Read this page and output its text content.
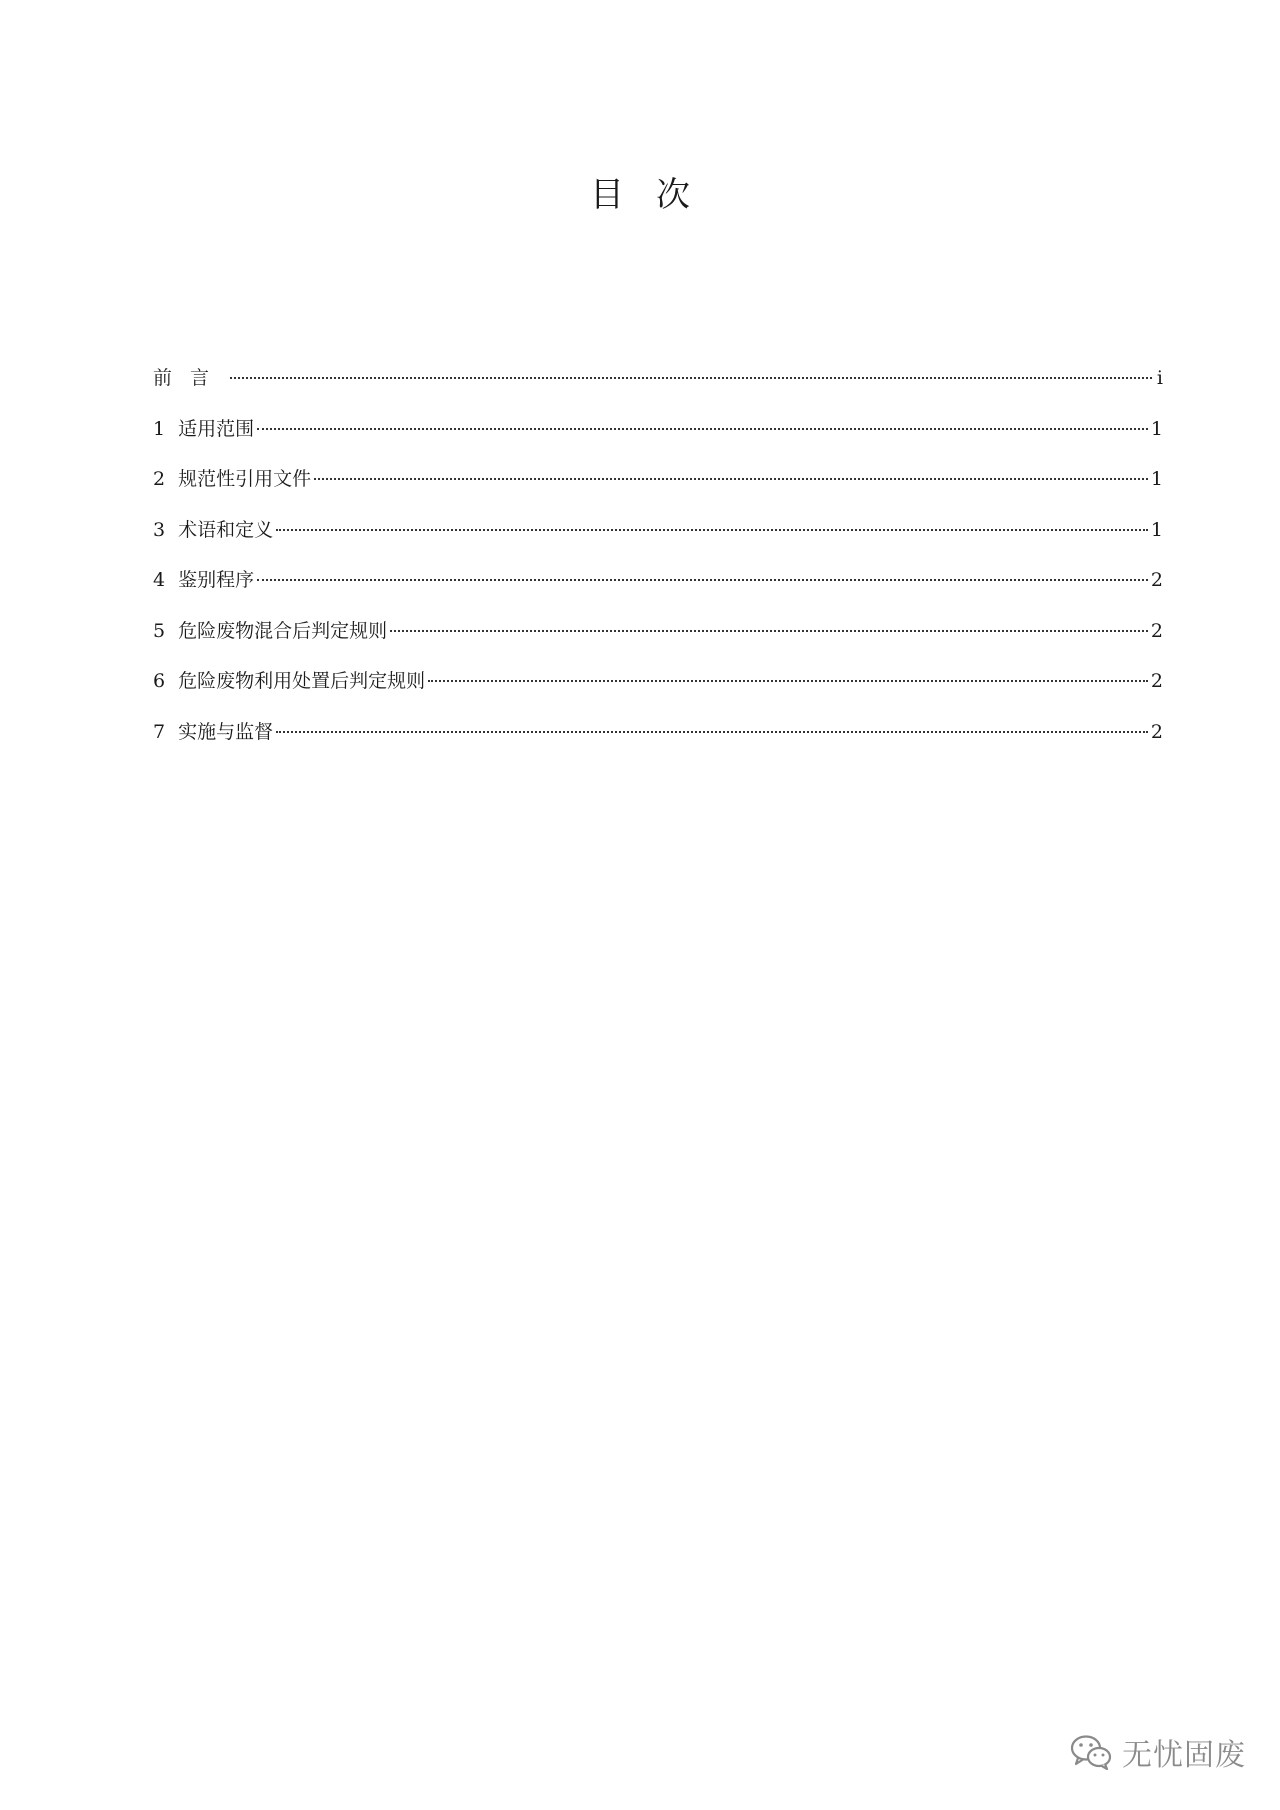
目次
前言	i
1 适用范围	1
2 规范性引用文件	1
3 术语和定义	1
4 鉴别程序	2
5 危险废物混合后判定规则	2
6 危险废物利用处置后判定规则	2
7 实施与监督	2
无忧固废
